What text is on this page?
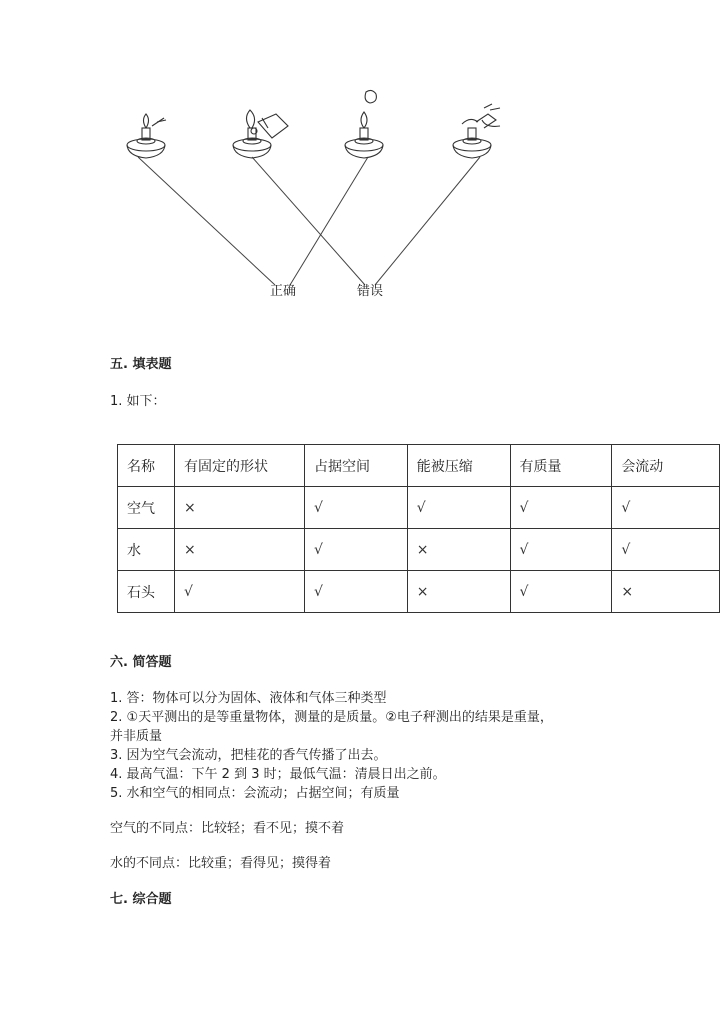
正确	错误
五. 填表题
1. 如下：
名称	有固定的形状	占据空间	能被压缩	有质量	会流动
空气	×	√	√	√	√
水	×	√	×	√	√
石头	√	√	×	√	×
六. 简答题

1. 答：物体可以分为固体、液体和气体三种类型

2. ①天平测出的是等重量物体，测量的是质量。②电子秤测出的结果是重量，

并非质量

3. 因为空气会流动，把桂花的香气传播了出去。

4. 最高气温：下午 2 到 3 时；最低气温：清晨日出之前。

5. 水和空气的相同点：会流动；占据空间；有质量

空气的不同点：比较轻；看不见；摸不着

水的不同点：比较重；看得见；摸得着

七. 综合题
